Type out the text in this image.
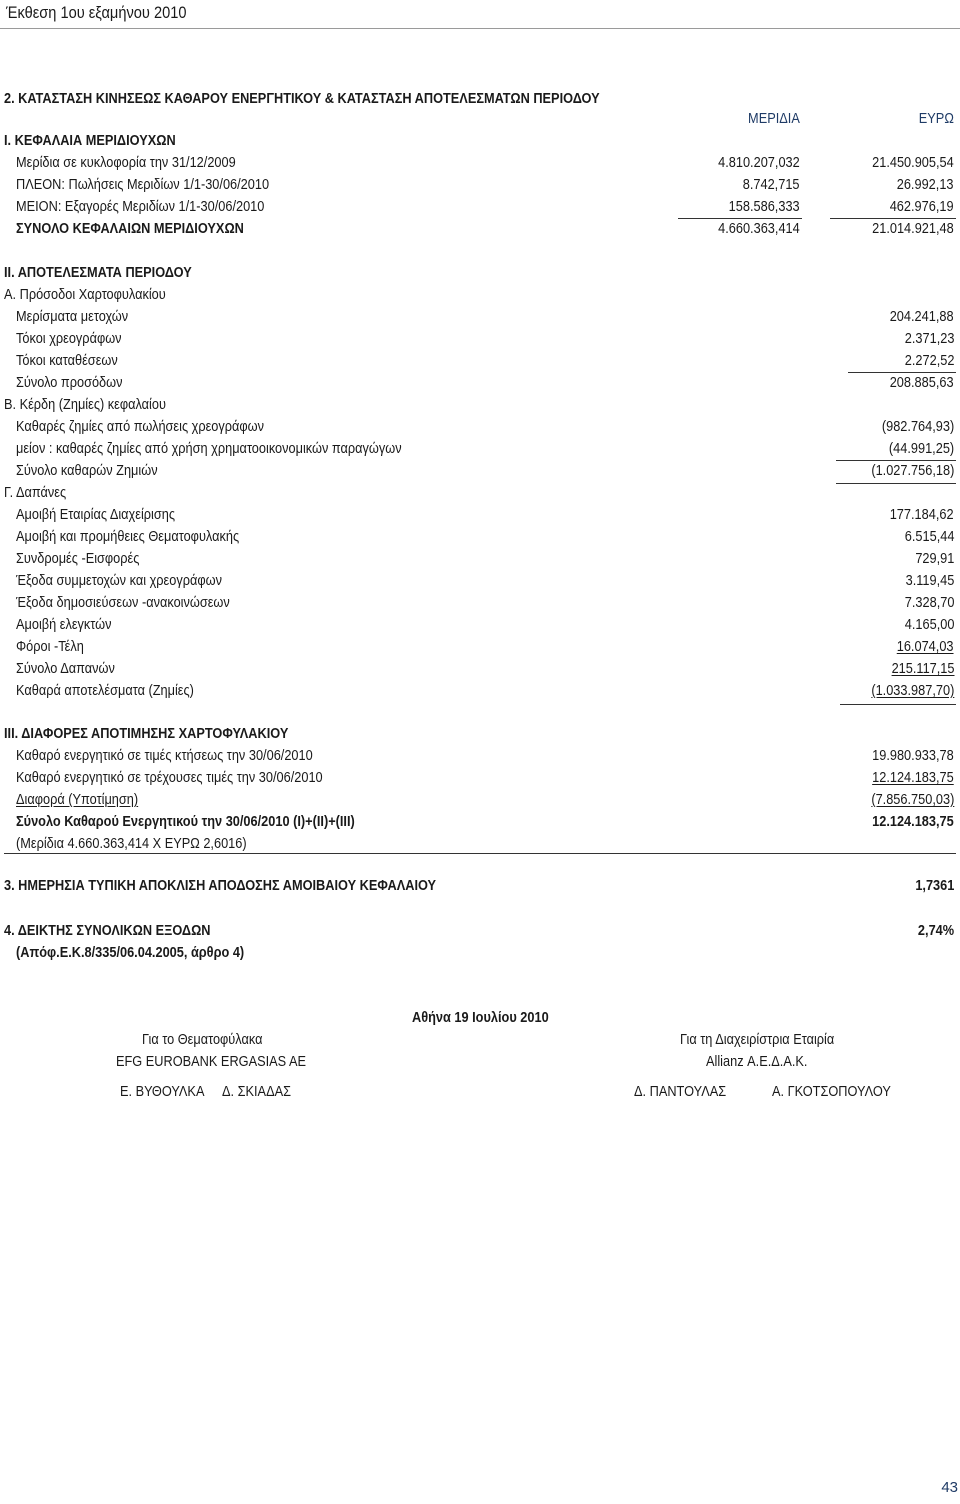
Έκθεση 1ου εξαμήνου 2010
2. ΚΑΤΑΣΤΑΣΗ ΚΙΝΗΣΕΩΣ ΚΑΘΑΡΟΥ ΕΝΕΡΓΗΤΙΚΟΥ & ΚΑΤΑΣΤΑΣΗ ΑΠΟΤΕΛΕΣΜΑΤΩΝ ΠΕΡΙΟΔΟΥ
ΜΕΡΙΔΙΑ	ΕΥΡΩ
Ι. ΚΕΦΑΛΑΙΑ ΜΕΡΙΔΙΟΥΧΩΝ
Μερίδια σε κυκλοφορία την 31/12/2009	4.810.207,032	21.450.905,54
ΠΛΕΟΝ: Πωλήσεις Μεριδίων 1/1-30/06/2010	8.742,715	26.992,13
ΜΕΙΟΝ: Εξαγορές Μεριδίων 1/1-30/06/2010	158.586,333	462.976,19
ΣΥΝΟΛΟ ΚΕΦΑΛΑΙΩΝ ΜΕΡΙΔΙΟΥΧΩΝ	4.660.363,414	21.014.921,48
ΙΙ. ΑΠΟΤΕΛΕΣΜΑΤΑ ΠΕΡΙΟΔΟΥ
Α. Πρόσοδοι Χαρτοφυλακίου
Μερίσματα μετοχών	204.241,88
Τόκοι χρεογράφων	2.371,23
Τόκοι καταθέσεων	2.272,52
Σύνολο προσόδων	208.885,63
Β. Κέρδη (Ζημίες) κεφαλαίου
Καθαρές ζημίες από πωλήσεις χρεογράφων	(982.764,93)
μείον : καθαρές ζημίες από χρήση χρηματοοικονομικών παραγώγων	(44.991,25)
Σύνολο καθαρών Ζημιών	(1.027.756,18)
Γ. Δαπάνες
Αμοιβή Εταιρίας Διαχείρισης	177.184,62
Αμοιβή και προμήθειες Θεματοφυλακής	6.515,44
Συνδρομές -Εισφορές	729,91
Έξοδα συμμετοχών και χρεογράφων	3.119,45
Έξοδα δημοσιεύσεων -ανακοινώσεων	7.328,70
Αμοιβή ελεγκτών	4.165,00
Φόροι -Τέλη	16.074,03
Σύνολο Δαπανών	215.117,15
Καθαρά αποτελέσματα (Ζημίες)	(1.033.987,70)
ΙΙΙ. ΔΙΑΦΟΡΕΣ ΑΠΟΤΙΜΗΣΗΣ ΧΑΡΤΟΦΥΛΑΚΙΟΥ
Καθαρό ενεργητικό σε τιμές κτήσεως την 30/06/2010	19.980.933,78
Καθαρό ενεργητικό σε τρέχουσες τιμές την 30/06/2010	12.124.183,75
Διαφορά (Υποτίμηση)	(7.856.750,03)
Σύνολο Καθαρού Ενεργητικού την 30/06/2010 (Ι)+(ΙΙ)+(ΙΙΙ)	12.124.183,75
(Μερίδια 4.660.363,414 Χ ΕΥΡΩ 2,6016)
3. ΗΜΕΡΗΣΙΑ ΤΥΠΙΚΗ ΑΠΟΚΛΙΣΗ ΑΠΟΔΟΣΗΣ ΑΜΟΙΒΑΙΟΥ ΚΕΦΑΛΑΙΟΥ	1,7361
4. ΔΕΙΚΤΗΣ ΣΥΝΟΛΙΚΩΝ ΕΞΟΔΩΝ	2,74%
(Απόφ.Ε.Κ.8/335/06.04.2005, άρθρο 4)
Αθήνα 19 Ιουλίου 2010
Για το Θεματοφύλακα	Για τη Διαχειρίστρια Εταιρία
EFG EUROBANK ERGASIAS AE	Allianz Α.Ε.Δ.Α.Κ.
Ε. ΒΥΘΟΥΛΚΑ Δ. ΣΚΙΑΔΑΣ	Δ. ΠΑΝΤΟΥΛΑΣ	Α. ΓΚΟΤΣΟΠΟΥΛΟΥ
43
